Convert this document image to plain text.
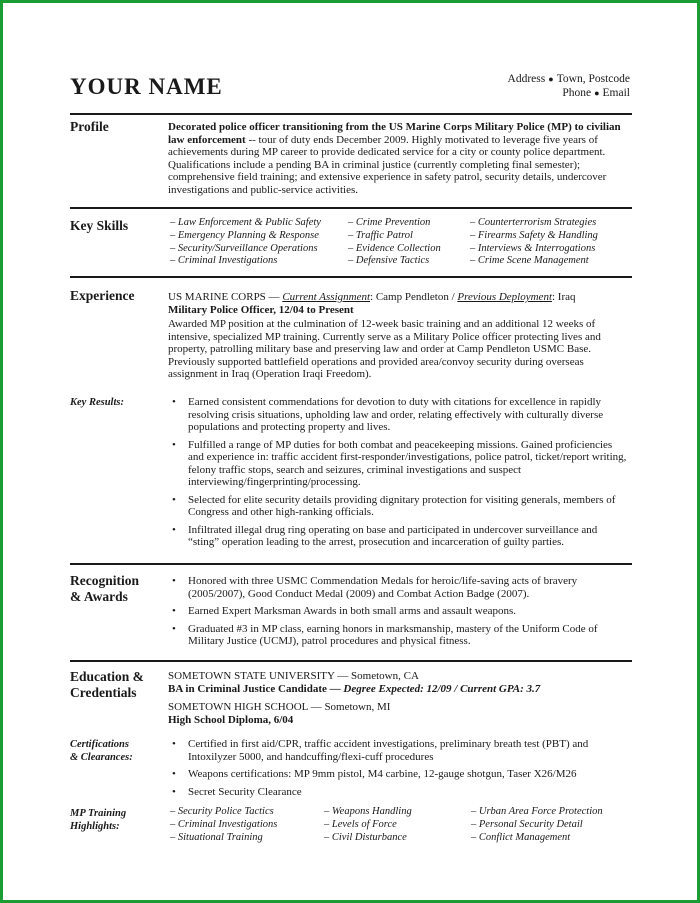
YOUR NAME	Address ● Town, Postcode
Phone ● Email
Profile	Decorated police officer transitioning from the US Marine Corps Military Police (MP) to civilian law enforcement -- tour of duty ends December 2009. Highly motivated to leverage five years of achievements during MP career to provide dedicated service for a city or county police department. Qualifications include a pending BA in criminal justice (currently completing final semester); comprehensive field training; and extensive experience in safety patrol, security details, undercover investigations and public-service activities.
Key Skills	– Law Enforcement & Public Safety	– Crime Prevention	– Counterterrorism Strategies
– Emergency Planning & Response	– Traffic Patrol	– Firearms Safety & Handling
– Security/Surveillance Operations	– Evidence Collection	– Interviews & Interrogations
– Criminal Investigations	– Defensive Tactics	– Crime Scene Management
Experience	US MARINE CORPS — Current Assignment: Camp Pendleton / Previous Deployment: Iraq
Military Police Officer, 12/04 to Present
Awarded MP position at the culmination of 12-week basic training and an additional 12 weeks of intensive, specialized MP training. Currently serve as a Military Police officer protecting lives and property, patrolling military base and preserving law and order at Camp Pendleton USMC Base. Previously supported battlefield operations and provided area/convoy security during overseas assignment in Iraq (Operation Iraqi Freedom).
Key Results:	• Earned consistent commendations for devotion to duty with citations for excellence in rapidly resolving crisis situations, upholding law and order, relating effectively with culturally diverse populations and protecting property and lives.
• Fulfilled a range of MP duties for both combat and peacekeeping missions. Gained proficiencies and experience in: traffic accident first-responder/investigations, police patrol, ticket/report writing, felony traffic stops, search and seizures, criminal investigations and suspect interviewing/fingerprinting/processing.
• Selected for elite security details providing dignitary protection for visiting generals, members of Congress and other high-ranking officials.
• Infiltrated illegal drug ring operating on base and participated in undercover surveillance and “sting” operation leading to the arrest, prosecution and incarceration of guilty parties.
Recognition
& Awards
• Honored with three USMC Commendation Medals for heroic/life-saving acts of bravery (2005/2007), Good Conduct Medal (2009) and Combat Action Badge (2007).
• Earned Expert Marksman Awards in both small arms and assault weapons.
• Graduated #3 in MP class, earning honors in marksmanship, mastery of the Uniform Code of Military Justice (UCMJ), patrol procedures and physical fitness.
Education &
Credentials
SOMETOWN STATE UNIVERSITY — Sometown, CA
BA in Criminal Justice Candidate — Degree Expected: 12/09 / Current GPA: 3.7
SOMETOWN HIGH SCHOOL — Sometown, MI
High School Diploma, 6/04
Certifications
& Clearances:
• Certified in first aid/CPR, traffic accident investigations, preliminary breath test (PBT) and Intoxilyzer 5000, and handcuffing/flexi-cuff procedures
• Weapons certifications: MP 9mm pistol, M4 carbine, 12-gauge shotgun, Taser X26/M26
• Secret Security Clearance
MP Training
Highlights:
– Security Police Tactics	– Weapons Handling	– Urban Area Force Protection
– Criminal Investigations	– Levels of Force	– Personal Security Detail
– Situational Training	– Civil Disturbance	– Conflict Management
